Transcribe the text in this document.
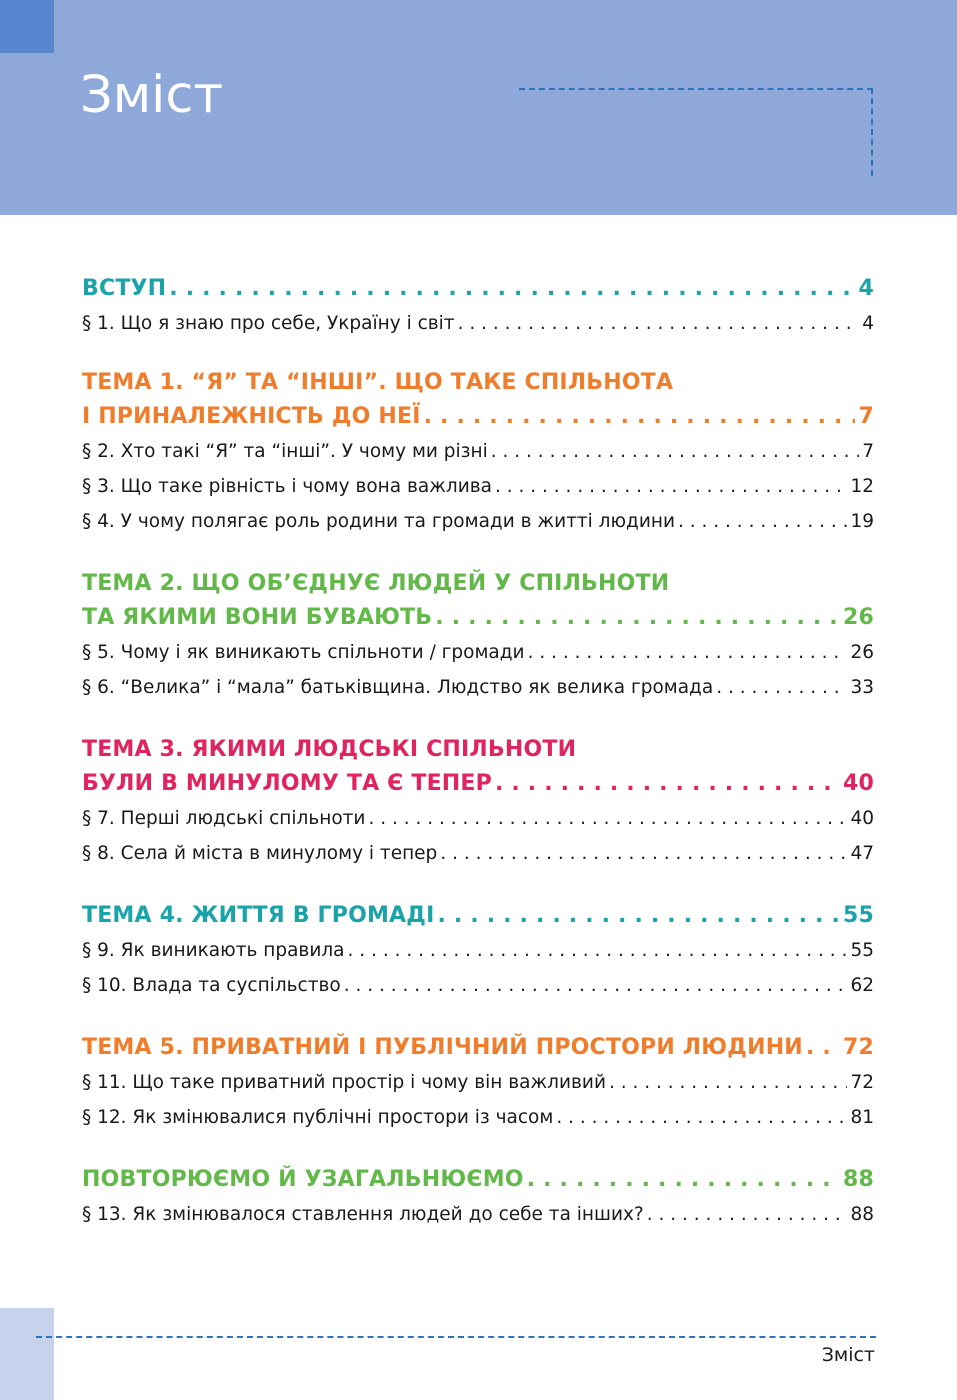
Зміст
ВСТУП . . .	4
§ 1. Що я знаю про себе, Україну і світ . . .	4
ТЕМА 1. “Я” ТА “ІНШІ”. ЩО ТАКЕ СПІЛЬНОТА
І ПРИНАЛЕЖНІСТЬ ДО НЕЇ . . .	7
§ 2. Хто такі “Я” та “інші”. У чому ми різні . . .	7
§ 3. Що таке рівність і чому вона важлива . . .	12
§ 4. У чому полягає роль родини та громади в житті людини . . .	19
ТЕМА 2. ЩО ОБ’ЄДНУЄ ЛЮДЕЙ У СПІЛЬНОТИ
ТА ЯКИМИ ВОНИ БУВАЮТЬ . . .	26
§ 5. Чому і як виникають спільноти / громади . . .	26
§ 6. “Велика” і “мала” батьківщина. Людство як велика громада . . .	33
ТЕМА 3. ЯКИМИ ЛЮДСЬКІ СПІЛЬНОТИ
БУЛИ В МИНУЛОМУ ТА Є ТЕПЕР . . .	40
§ 7. Перші людські спільноти . . .	40
§ 8. Села й міста в минулому і тепер . . .	47
ТЕМА 4. ЖИТТЯ В ГРОМАДІ . . .	55
§ 9. Як виникають правила . . .	55
§ 10. Влада та суспільство . . .	62
ТЕМА 5. ПРИВАТНИЙ І ПУБЛІЧНИЙ ПРОСТОРИ ЛЮДИНИ . . . 72
§ 11. Що таке приватний простір і чому він важливий . . .	72
§ 12. Як змінювалися публічні простори із часом . . .	81
ПОВТОРЮЄМО Й УЗАГАЛЬНЮЄМО . . .	88
§ 13. Як змінювалося ставлення людей до себе та інших? . . .	88
Зміст
